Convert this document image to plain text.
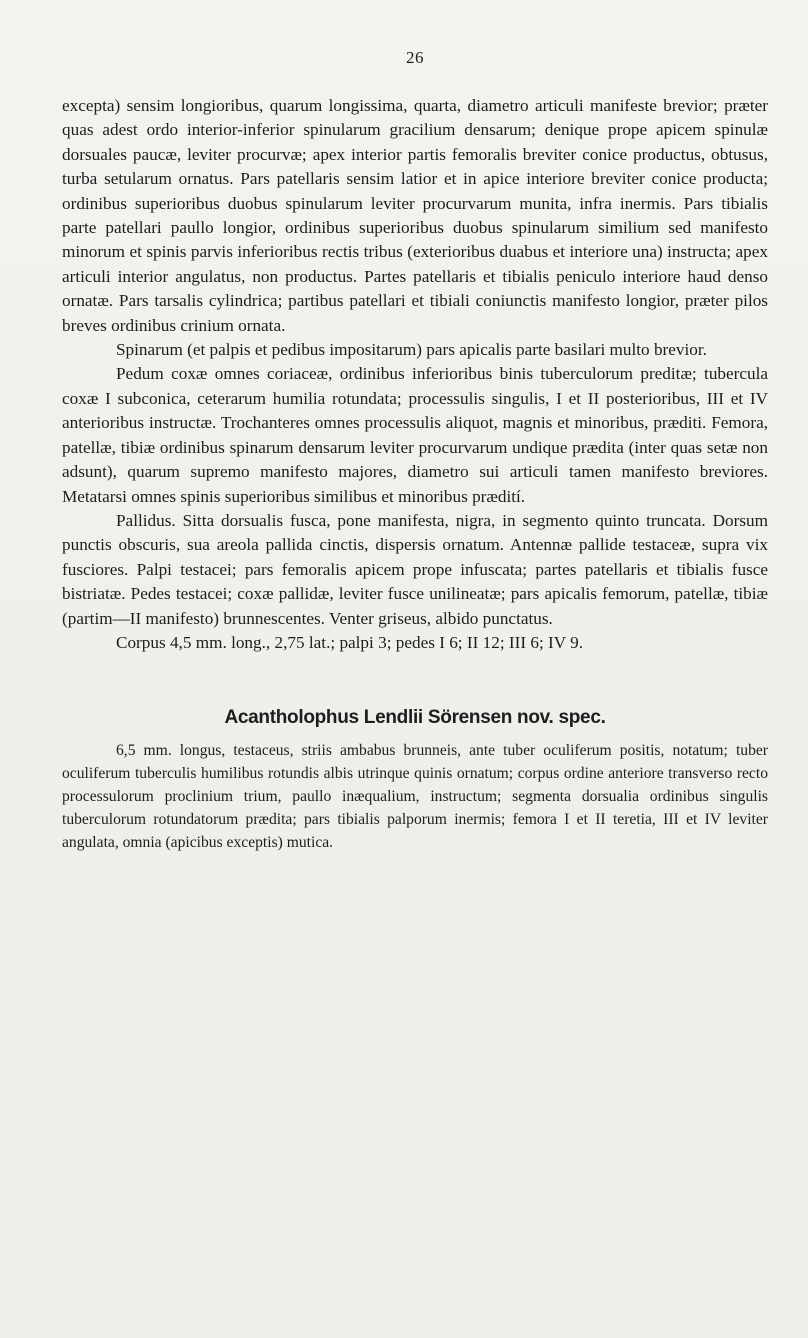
26

excepta) sensim longioribus, quarum longissima, quarta, diametro articuli manifeste brevior; præter quas adest ordo interior-inferior spinularum gracilium densarum; denique prope apicem spinulæ dorsuales paucæ, leviter procurvæ; apex interior partis femoralis breviter conice productus, obtusus, turba setularum ornatus. Pars patellaris sensim latior et in apice interiore breviter conice producta; ordinibus superioribus duobus spinularum leviter procurvarum munita, infra inermis. Pars tibialis parte patellari paullo longior, ordinibus superioribus duobus spinularum similium sed manifesto minorum et spinis parvis inferioribus rectis tribus (exterioribus duabus et interiore una) instructa; apex articuli interior angulatus, non productus. Partes patellaris et tibialis peniculo interiore haud denso ornatæ. Pars tarsalis cylindrica; partibus patellari et tibiali coniunctis manifesto longior, præter pilos breves ordinibus crinium ornata.

Spinarum (et palpis et pedibus impositarum) pars apicalis parte basilari multo brevior.

Pedum coxæ omnes coriaceæ, ordinibus inferioribus binis tuberculorum preditæ; tubercula coxæ I subconica, ceterarum humilia rotundata; processulis singulis, I et II posterioribus, III et IV anterioribus instructæ. Trochanteres omnes processulis aliquot, magnis et minoribus, præditi. Femora, patellæ, tibiæ ordinibus spinarum densarum leviter procurvarum undique prædita (inter quas setæ non adsunt), quarum supremo manifesto majores, diametro sui articuli tamen manifesto breviores. Metatarsi omnes spinis superioribus similibus et minoribus prædití.

Pallidus. Sitta dorsualis fusca, pone manifesta, nigra, in segmento quinto truncata. Dorsum punctis obscuris, sua areola pallida cinctis, dispersis ornatum. Antennæ pallide testaceæ, supra vix fusciores. Palpi testacei; pars femoralis apicem prope infuscata; partes patellaris et tibialis fusce bistriatæ. Pedes testacei; coxæ pallidæ, leviter fusce unilineatæ; pars apicalis femorum, patellæ, tibiæ (partim—II manifesto) brunnescentes. Venter griseus, albido punctatus.

Corpus 4,5 mm. long., 2,75 lat.; palpi 3; pedes I 6; II 12; III 6; IV 9.

Acantholophus Lendlii Sörensen nov. spec.

6,5 mm. longus, testaceus, striis ambabus brunneis, ante tuber oculiferum positis, notatum; tuber oculiferum tuberculis humilibus rotundis albis utrinque quinis ornatum; corpus ordine anteriore transverso recto processulorum proclinium trium, paullo inæqualium, instructum; segmenta dorsualia ordinibus singulis tuberculorum rotundatorum prædita; pars tibialis palporum inermis; femora I et II teretia, III et IV leviter angulata, omnia (apicibus exceptis) mutica.
